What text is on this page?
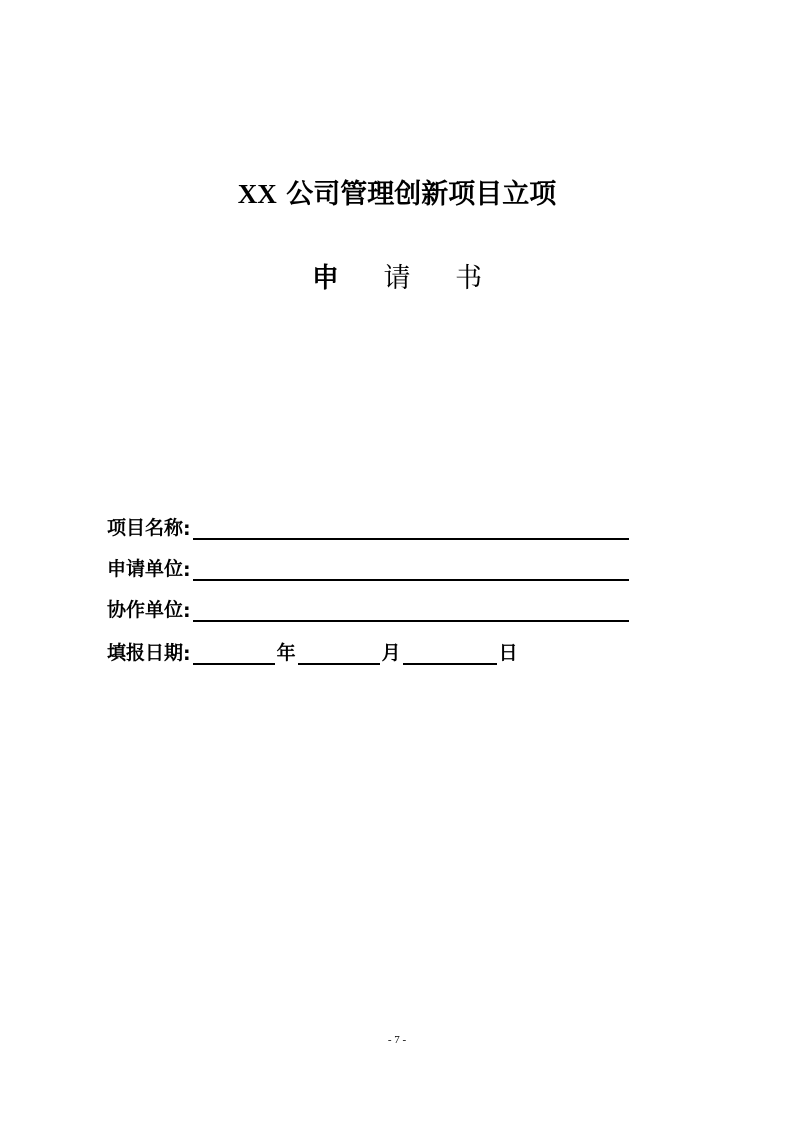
XX 公司管理创新项目立项
申 请 书
项目名称 :
申请单位 :
协作单位 :
填报日期 :	年	月	日
- 7 -
